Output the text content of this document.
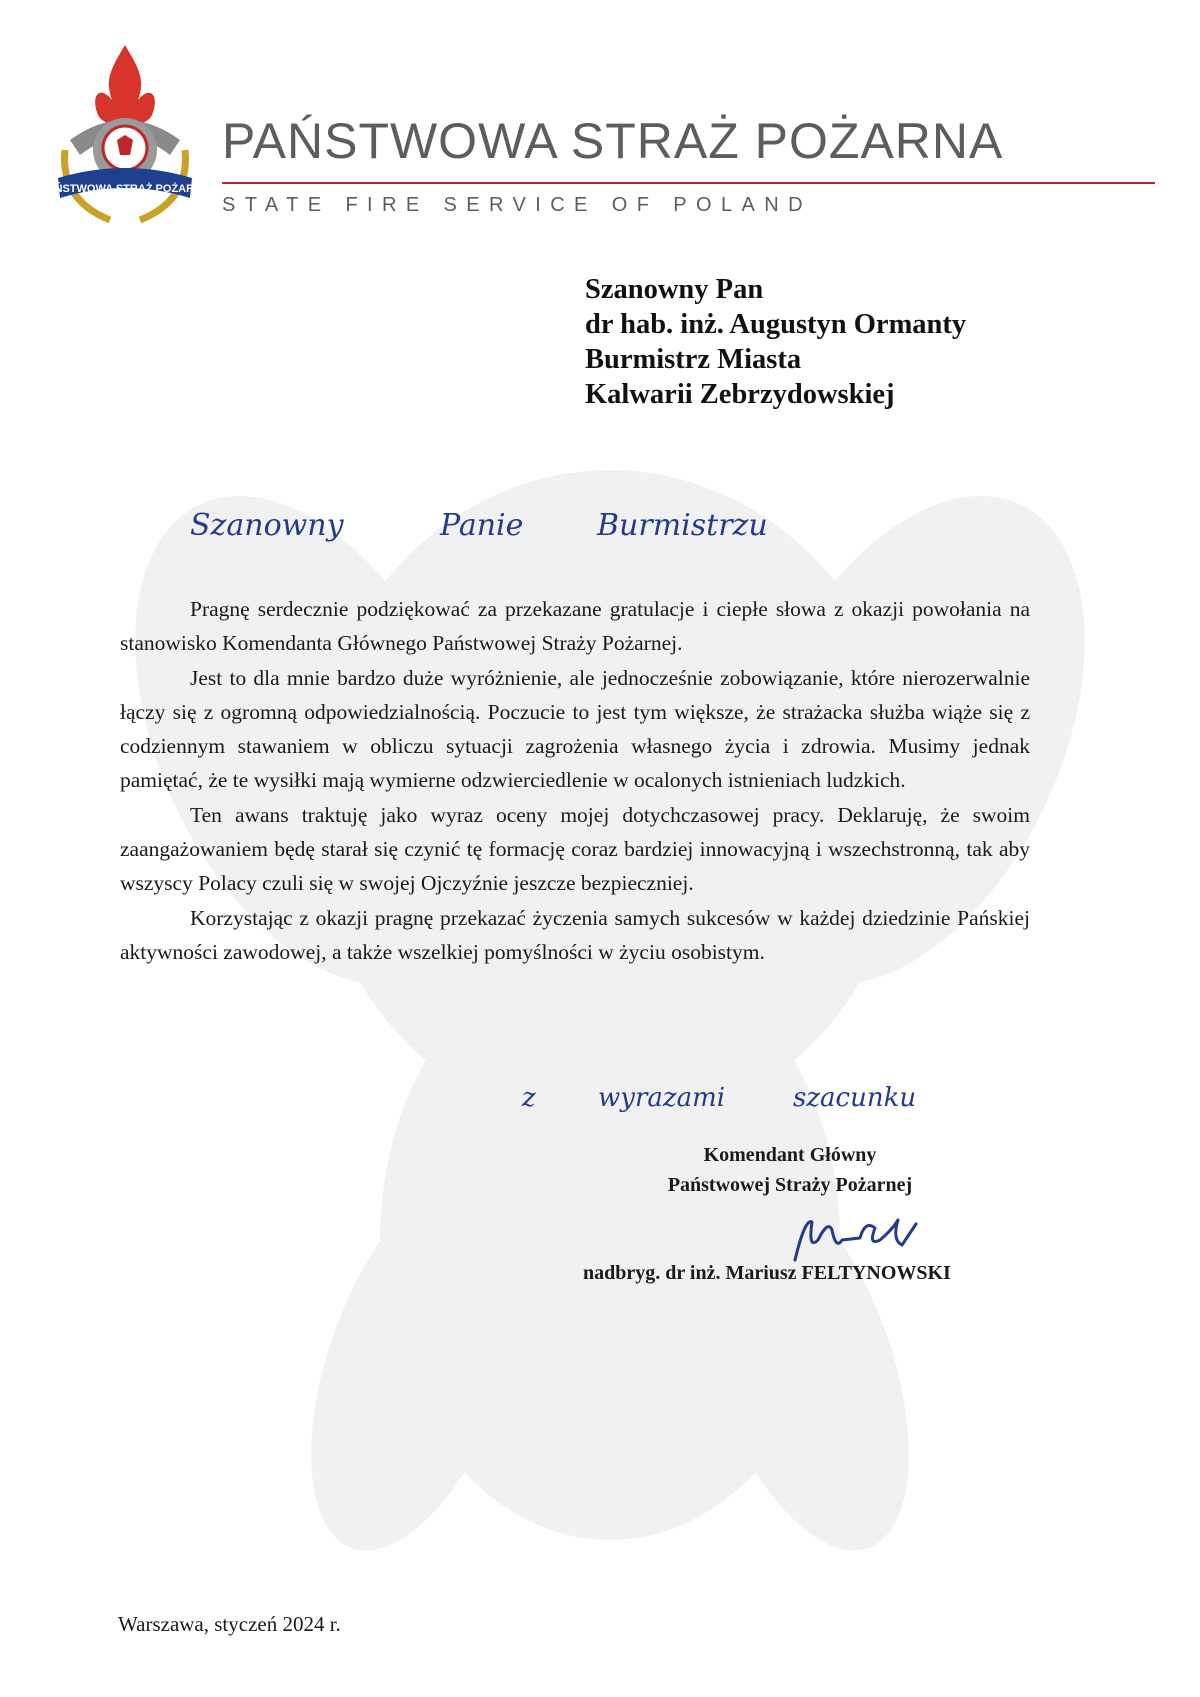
PAŃSTWOWA STRAŻ POŻARNA
PAŃSTWOWA STRAŻ POŻARNA
STATE FIRE SERVICE OF POLAND
Szanowny Pan
dr hab. inż. Augustyn Ormanty
Burmistrz Miasta
Kalwarii Zebrzydowskiej
Szanowny	Panie Burmistrzu

Pragnę serdecznie podziękować za przekazane gratulacje i ciepłe słowa z okazji powołania na stanowisko Komendanta Głównego Państwowej Straży Pożarnej.

Jest to dla mnie bardzo duże wyróżnienie, ale jednocześnie zobowiązanie, które nierozerwalnie łączy się z ogromną odpowiedzialnością. Poczucie to jest tym większe, że strażacka służba wiąże się z codziennym stawaniem w obliczu sytuacji zagrożenia własnego życia i zdrowia. Musimy jednak pamiętać, że te wysiłki mają wymierne odzwierciedlenie w ocalonych istnieniach ludzkich.

Ten awans traktuję jako wyraz oceny mojej dotychczasowej pracy. Deklaruję, że swoim zaangażowaniem będę starał się czynić tę formację coraz bardziej innowacyjną i wszechstronną, tak aby wszyscy Polacy czuli się w swojej Ojczyźnie jeszcze bezpieczniej.

Korzystając z okazji pragnę przekazać życzenia samych sukcesów w każdej dziedzinie Pańskiej aktywności zawodowej, a także wszelkiej pomyślności w życiu osobistym.

z wyrazami	szacunku
Komendant Główny
Państwowej Straży Pożarnej
nadbryg. dr inż. Mariusz FELTYNOWSKI
Warszawa, styczeń 2024 r.
